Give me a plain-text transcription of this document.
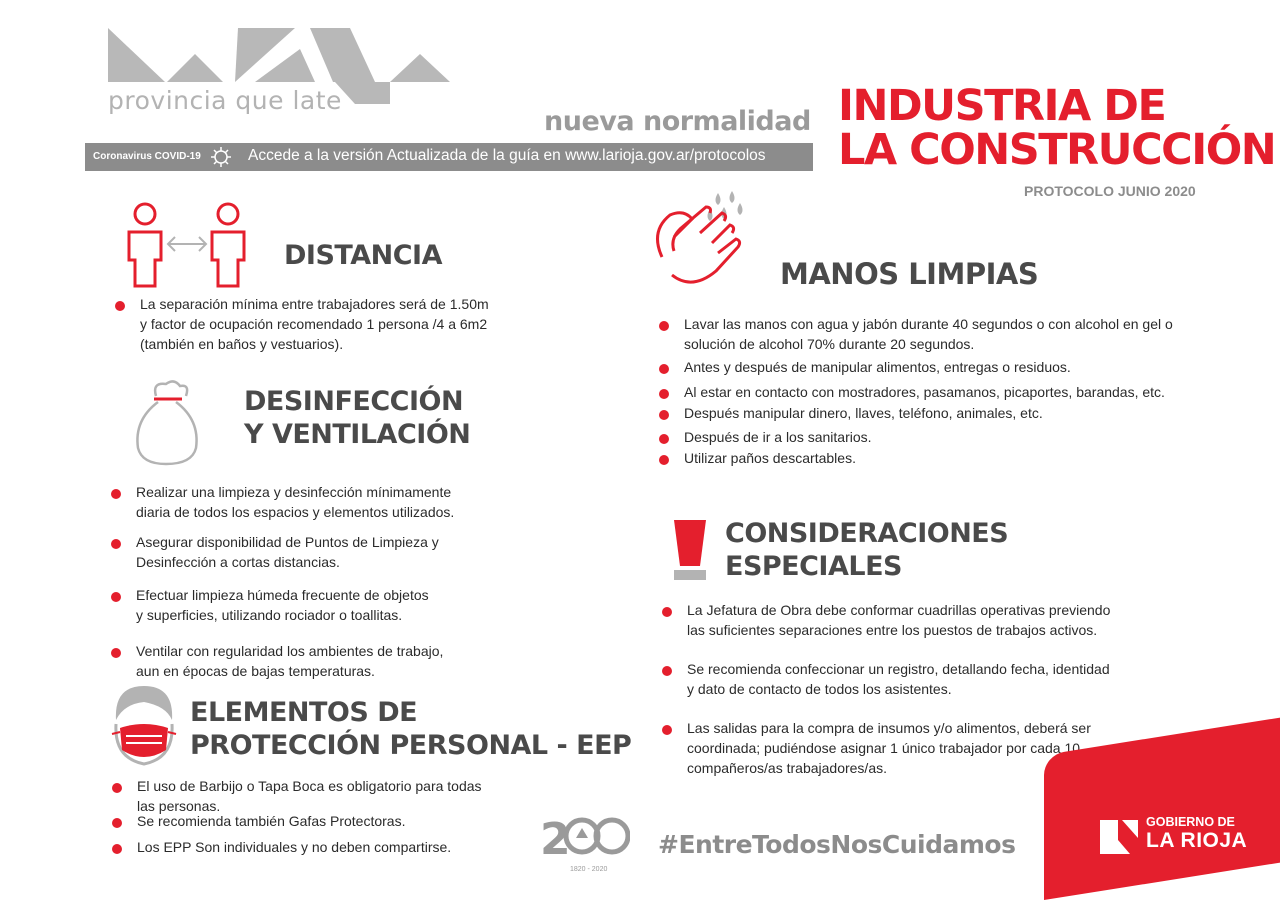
provincia que late
nueva normalidad
Coronavirus COVID-19	Accede a la versión Actualizada de la guía en www.larioja.gov.ar/protocolos
INDUSTRIA DE
LA CONSTRUCCIÓN
PROTOCOLO JUNIO 2020
DISTANCIA
La separación mínima entre trabajadores será de 1.50m
y factor de ocupación recomendado 1 persona /4 a 6m2
(también en baños y vestuarios).
DESINFECCIÓN
Y VENTILACIÓN
Realizar una limpieza y desinfección mínimamente
diaria de todos los espacios y elementos utilizados.
Asegurar disponibilidad de Puntos de Limpieza y
Desinfección a cortas distancias.
Efectuar limpieza húmeda frecuente de objetos
y superficies, utilizando rociador o toallitas.
Ventilar con regularidad los ambientes de trabajo,
aun en épocas de bajas temperaturas.
ELEMENTOS DE
PROTECCIÓN PERSONAL - EEP
El uso de Barbijo o Tapa Boca es obligatorio para todas
las personas.
Se recomienda también Gafas Protectoras.
Los EPP Son individuales y no deben compartirse.
MANOS LIMPIAS
Lavar las manos con agua y jabón durante 40 segundos o con alcohol en gel o
solución de alcohol 70% durante 20 segundos.
Antes y después de manipular alimentos, entregas o residuos.
Al estar en contacto con mostradores, pasamanos, picaportes, barandas, etc.
Después manipular dinero, llaves, teléfono, animales, etc.
Después de ir a los sanitarios.
Utilizar paños descartables.
CONSIDERACIONES
ESPECIALES
La Jefatura de Obra debe conformar cuadrillas operativas previendo
las suficientes separaciones entre los puestos de trabajos activos.
Se recomienda confeccionar un registro, detallando fecha, identidad
y dato de contacto de todos los asistentes.
Las salidas para la compra de insumos y/o alimentos, deberá ser
coordinada; pudiéndose asignar 1 único trabajador por cada 10
compañeros/as trabajadores/as.
2
1820 - 2020
#EntreTodosNosCuidamos
GOBIERNO DE
LA RIOJA
